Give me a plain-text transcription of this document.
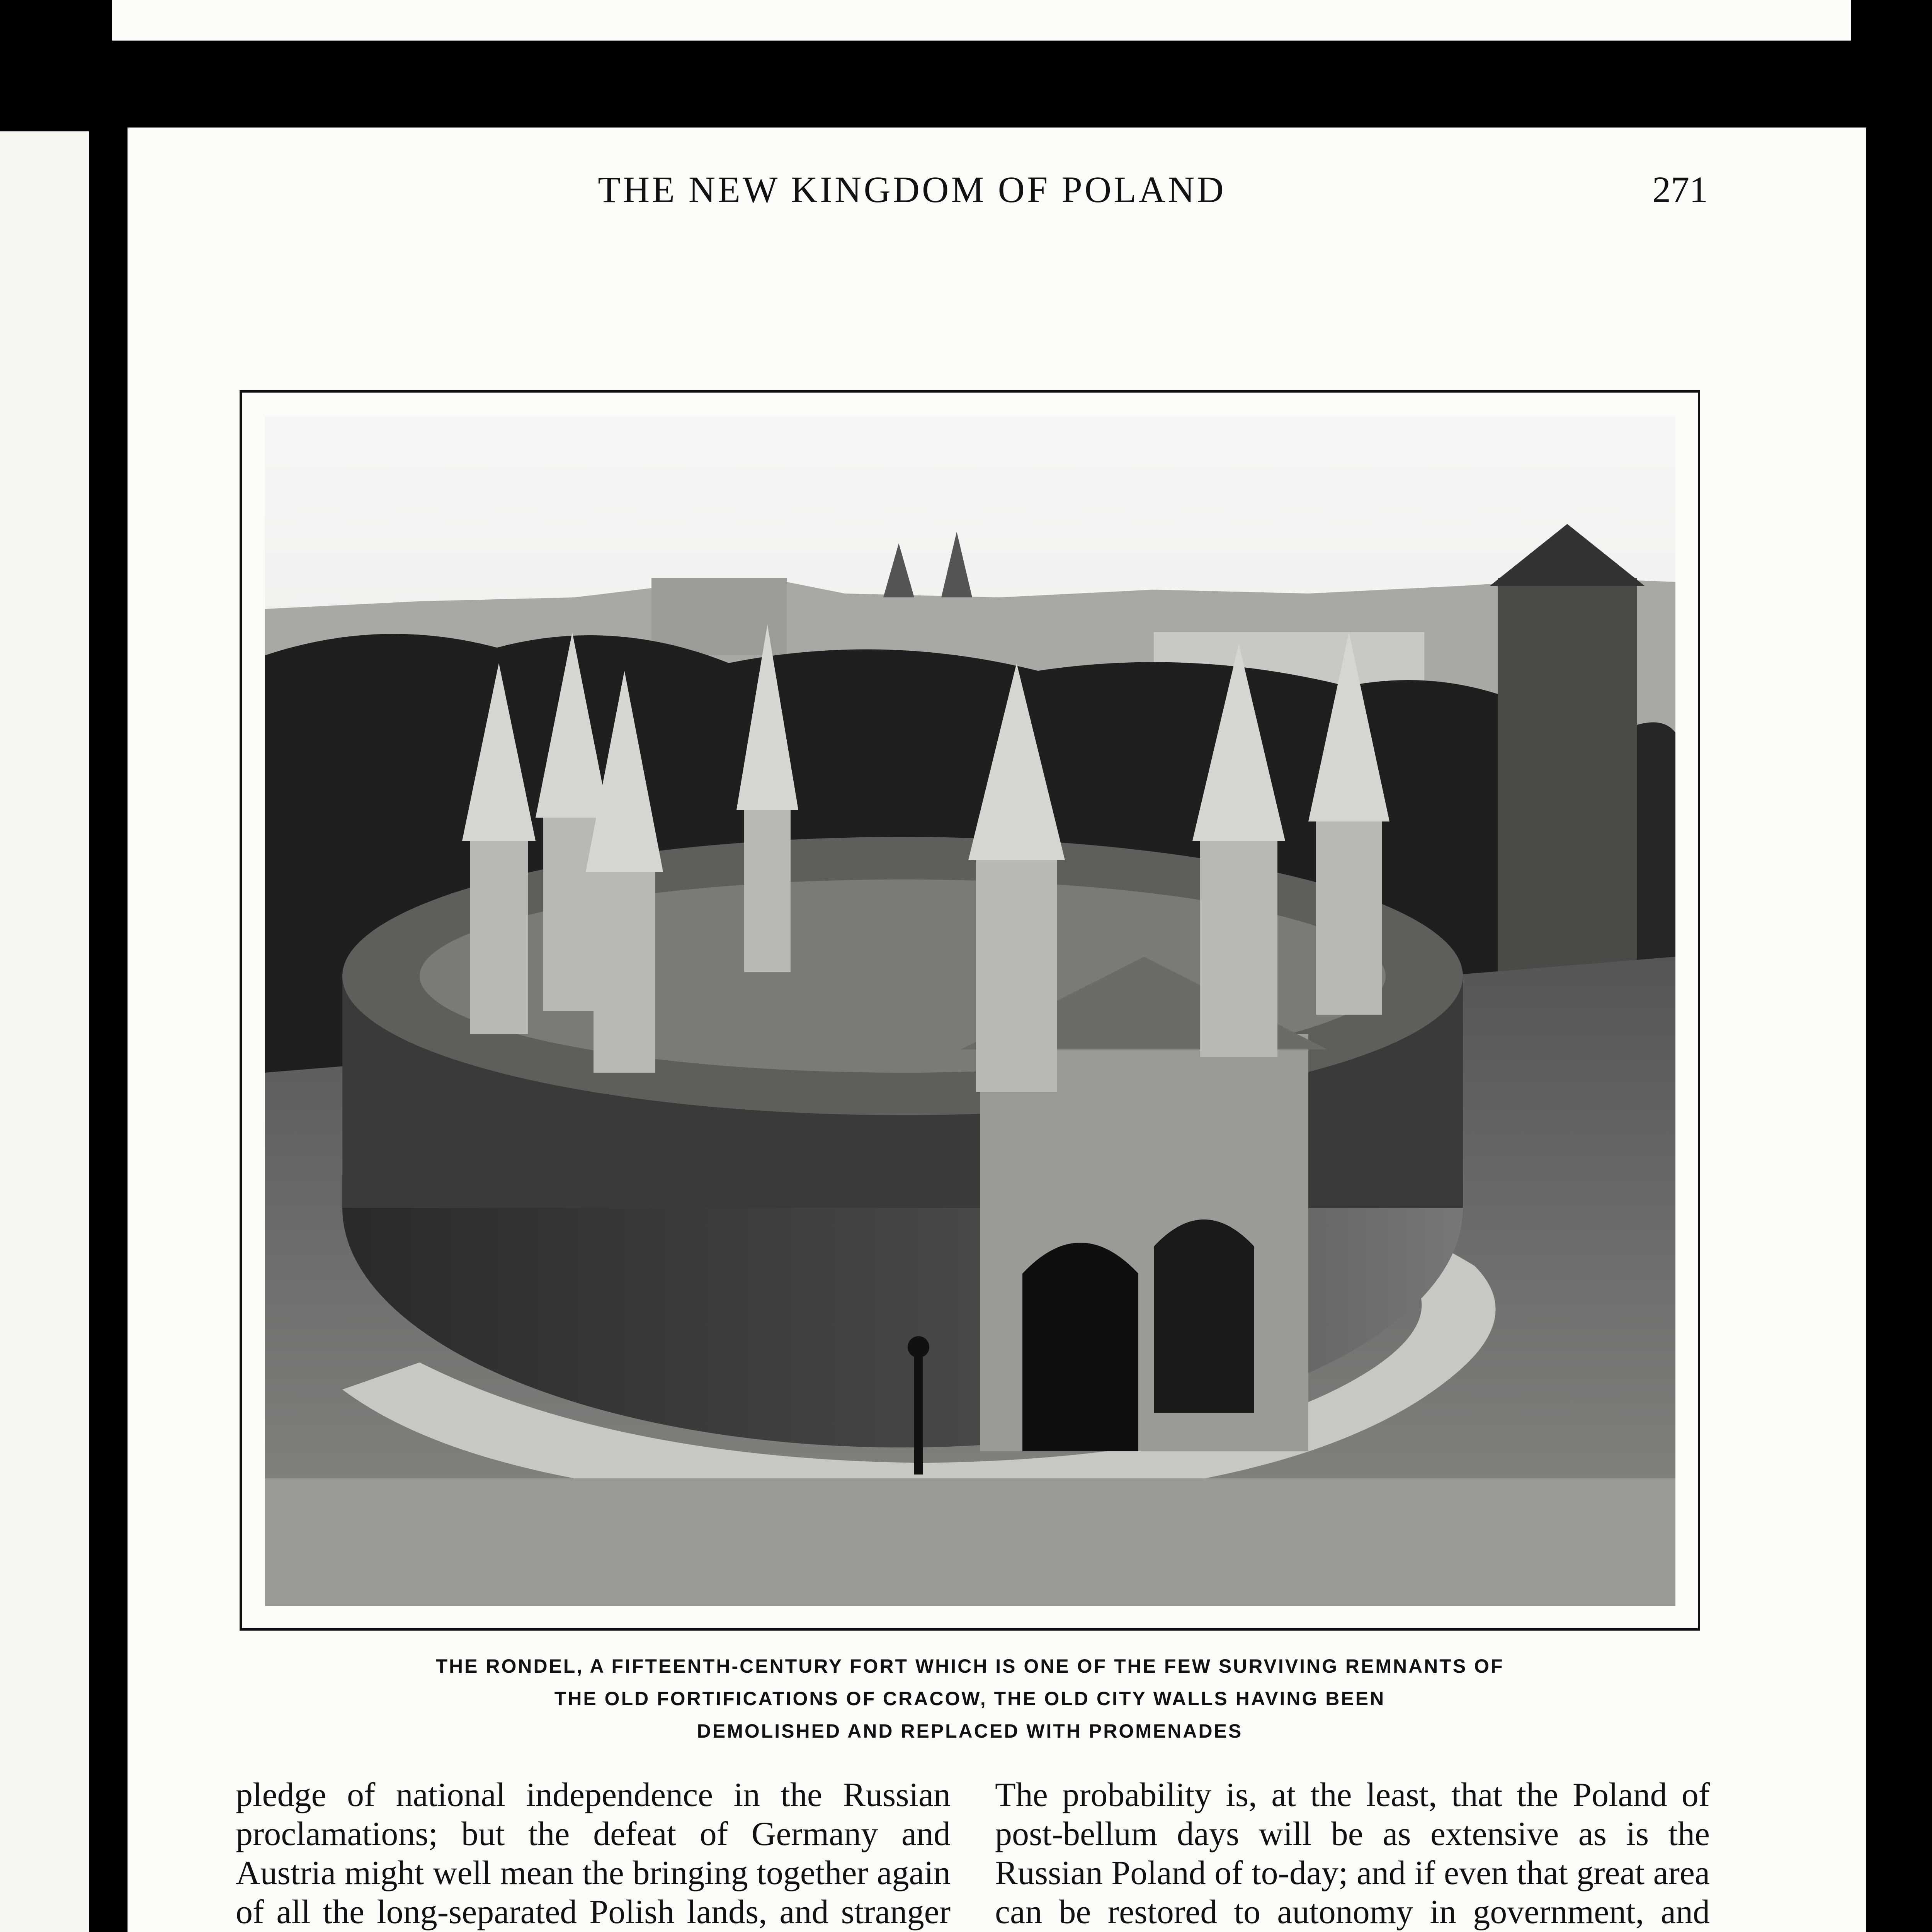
THE NEW KINGDOM OF POLAND	271
THE RONDEL, A FIFTEENTH-CENTURY FORT WHICH IS ONE OF THE FEW SURVIVING REMNANTS OF
THE OLD FORTIFICATIONS OF CRACOW, THE OLD CITY WALLS HAVING BEEN
DEMOLISHED AND REPLACED WITH PROMENADES

pledge of national independence in the Russian proclamations; but the defeat of Germany and Austria might well mean the bringing together again of all the long-separated Polish lands, and stranger

The probability is, at the least, that the Poland of post-bellum days will be as extensive as is the Russian Poland of to-day; and if even that great area can be restored to autonomy in government, and
